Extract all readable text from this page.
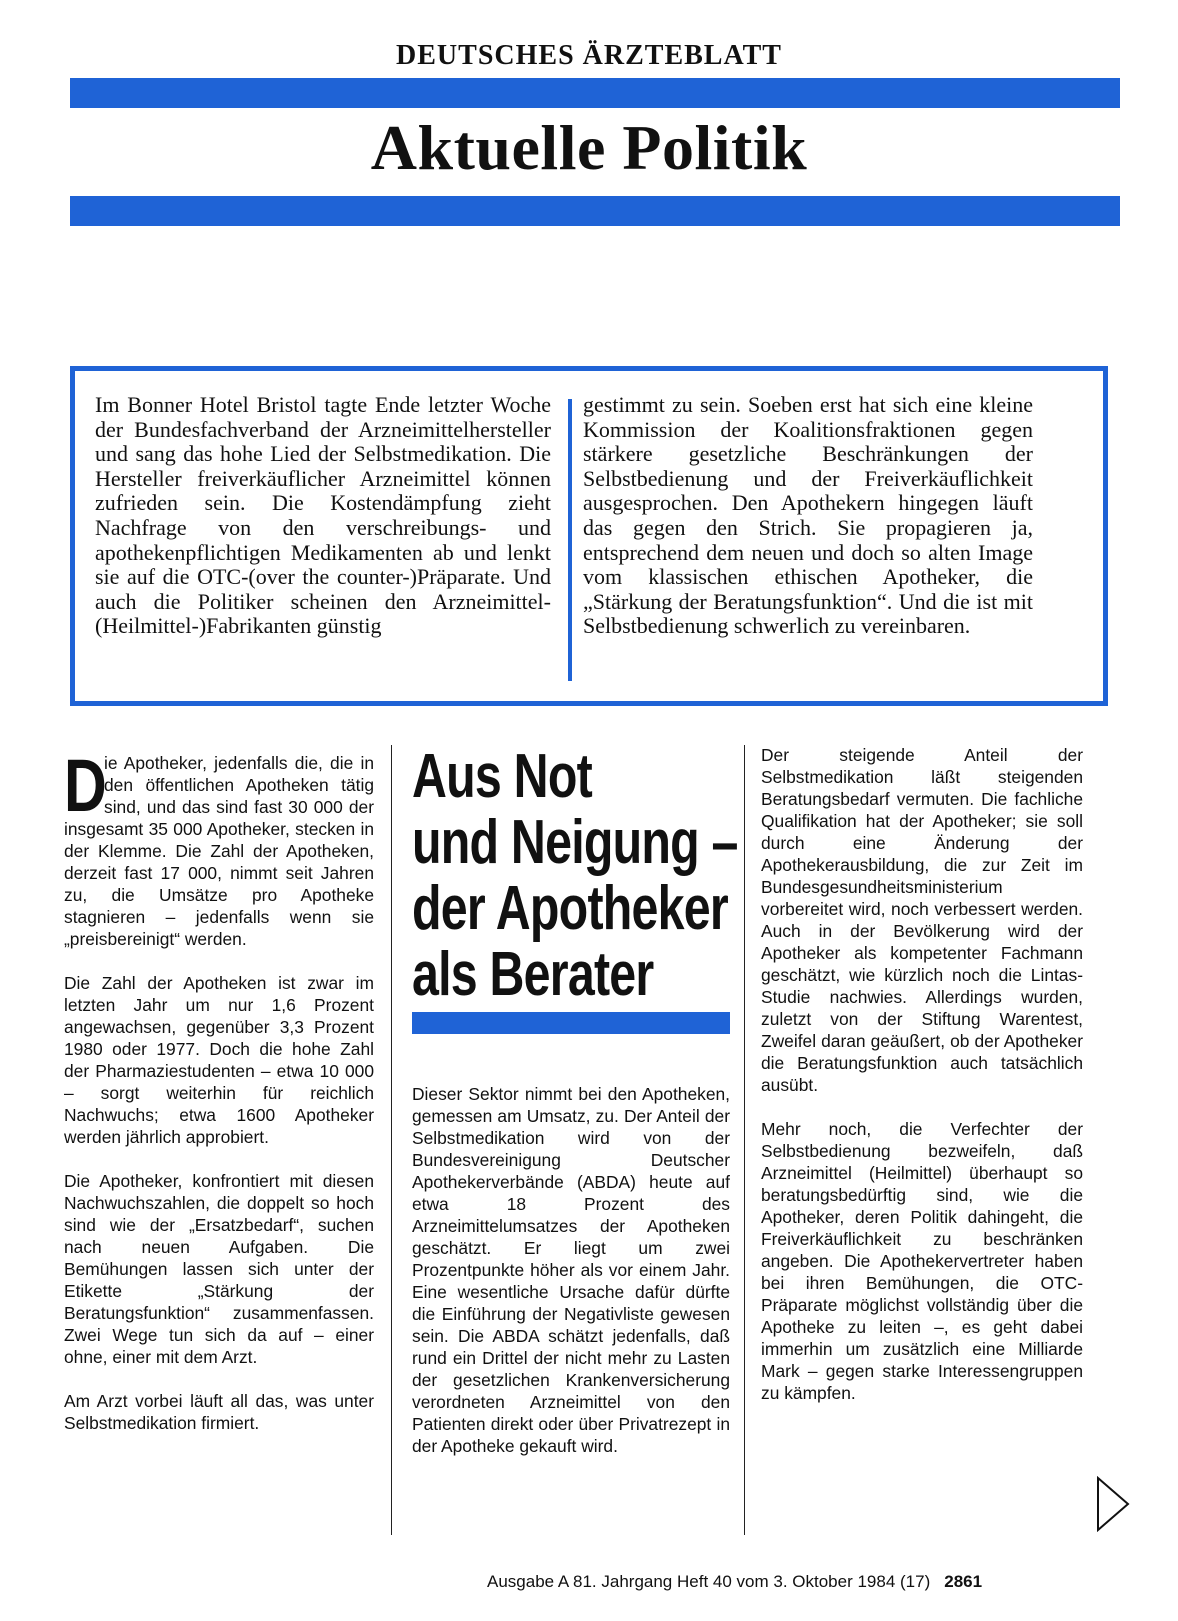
DEUTSCHES ÄRZTEBLATT
Aktuelle Politik
Im Bonner Hotel Bristol tagte Ende letzter Woche der Bundesfachverband der Arzneimittelhersteller und sang das hohe Lied der Selbstmedikation. Die Hersteller freiverkäuflicher Arzneimittel können zufrieden sein. Die Kostendämpfung zieht Nachfrage von den verschreibungs- und apothekenpflichtigen Medikamenten ab und lenkt sie auf die OTC-(over the counter-)Präparate. Und auch die Politiker scheinen den Arzneimittel-(Heilmittel-)Fabrikanten günstig
gestimmt zu sein. Soeben erst hat sich eine kleine Kommission der Koalitionsfraktionen gegen stärkere gesetzliche Beschränkungen der Selbstbedienung und der Freiverkäuflichkeit ausgesprochen. Den Apothekern hingegen läuft das gegen den Strich. Sie propagieren ja, entsprechend dem neuen und doch so alten Image vom klassischen ethischen Apotheker, die „Stärkung der Beratungsfunktion“. Und die ist mit Selbstbedienung schwerlich zu vereinbaren.

D
ie Apotheker, jedenfalls die, die in den öffentlichen Apotheken tätig sind, und das sind fast 30 000 der insgesamt 35 000 Apotheker, stecken in der Klemme. Die Zahl der Apotheken, derzeit fast 17 000, nimmt seit Jahren zu, die Umsätze pro Apotheke stagnieren – jedenfalls wenn sie „preisbereinigt“ werden.

Die Zahl der Apotheken ist zwar im letzten Jahr um nur 1,6 Prozent angewachsen, gegenüber 3,3 Prozent 1980 oder 1977. Doch die hohe Zahl der Pharmaziestudenten – etwa 10 000 – sorgt weiterhin für reichlich Nachwuchs; etwa 1600 Apotheker werden jährlich approbiert.

Die Apotheker, konfrontiert mit diesen Nachwuchszahlen, die doppelt so hoch sind wie der „Ersatzbedarf“, suchen nach neuen Aufgaben. Die Bemühungen lassen sich unter der Etikette „Stärkung der Beratungsfunktion“ zusammenfassen. Zwei Wege tun sich da auf – einer ohne, einer mit dem Arzt.

Am Arzt vorbei läuft all das, was unter Selbstmedikation firmiert.

Aus Not
und Neigung –
der Apotheker
als Berater

Dieser Sektor nimmt bei den Apotheken, gemessen am Umsatz, zu. Der Anteil der Selbstmedikation wird von der Bundesvereinigung Deutscher Apothekerverbände (ABDA) heute auf etwa 18 Prozent des Arzneimittelumsatzes der Apotheken geschätzt. Er liegt um zwei Prozentpunkte höher als vor einem Jahr. Eine wesentliche Ursache dafür dürfte die Einführung der Negativliste gewesen sein. Die ABDA schätzt jedenfalls, daß rund ein Drittel der nicht mehr zu Lasten der gesetzlichen Krankenversicherung verordneten Arzneimittel von den Patienten direkt oder über Privatrezept in der Apotheke gekauft wird.

Der steigende Anteil der Selbstmedikation läßt steigenden Beratungsbedarf vermuten. Die fachliche Qualifikation hat der Apotheker; sie soll durch eine Änderung der Apothekerausbildung, die zur Zeit im Bundesgesundheitsministerium vorbereitet wird, noch verbessert werden. Auch in der Bevölkerung wird der Apotheker als kompetenter Fachmann geschätzt, wie kürzlich noch die Lintas-Studie nachwies. Allerdings wurden, zuletzt von der Stiftung Warentest, Zweifel daran geäußert, ob der Apotheker die Beratungsfunktion auch tatsächlich ausübt.

Mehr noch, die Verfechter der Selbstbedienung bezweifeln, daß Arzneimittel (Heilmittel) überhaupt so beratungsbedürftig sind, wie die Apotheker, deren Politik dahingeht, die Freiverkäuflichkeit zu beschränken angeben. Die Apothekervertreter haben bei ihren Bemühungen, die OTC-Präparate möglichst vollständig über die Apotheke zu leiten –, es geht dabei immerhin um zusätzlich eine Milliarde Mark – gegen starke Interessengruppen zu kämpfen.

Ausgabe A 81. Jahrgang Heft 40 vom 3. Oktober 1984 (17) 2861
